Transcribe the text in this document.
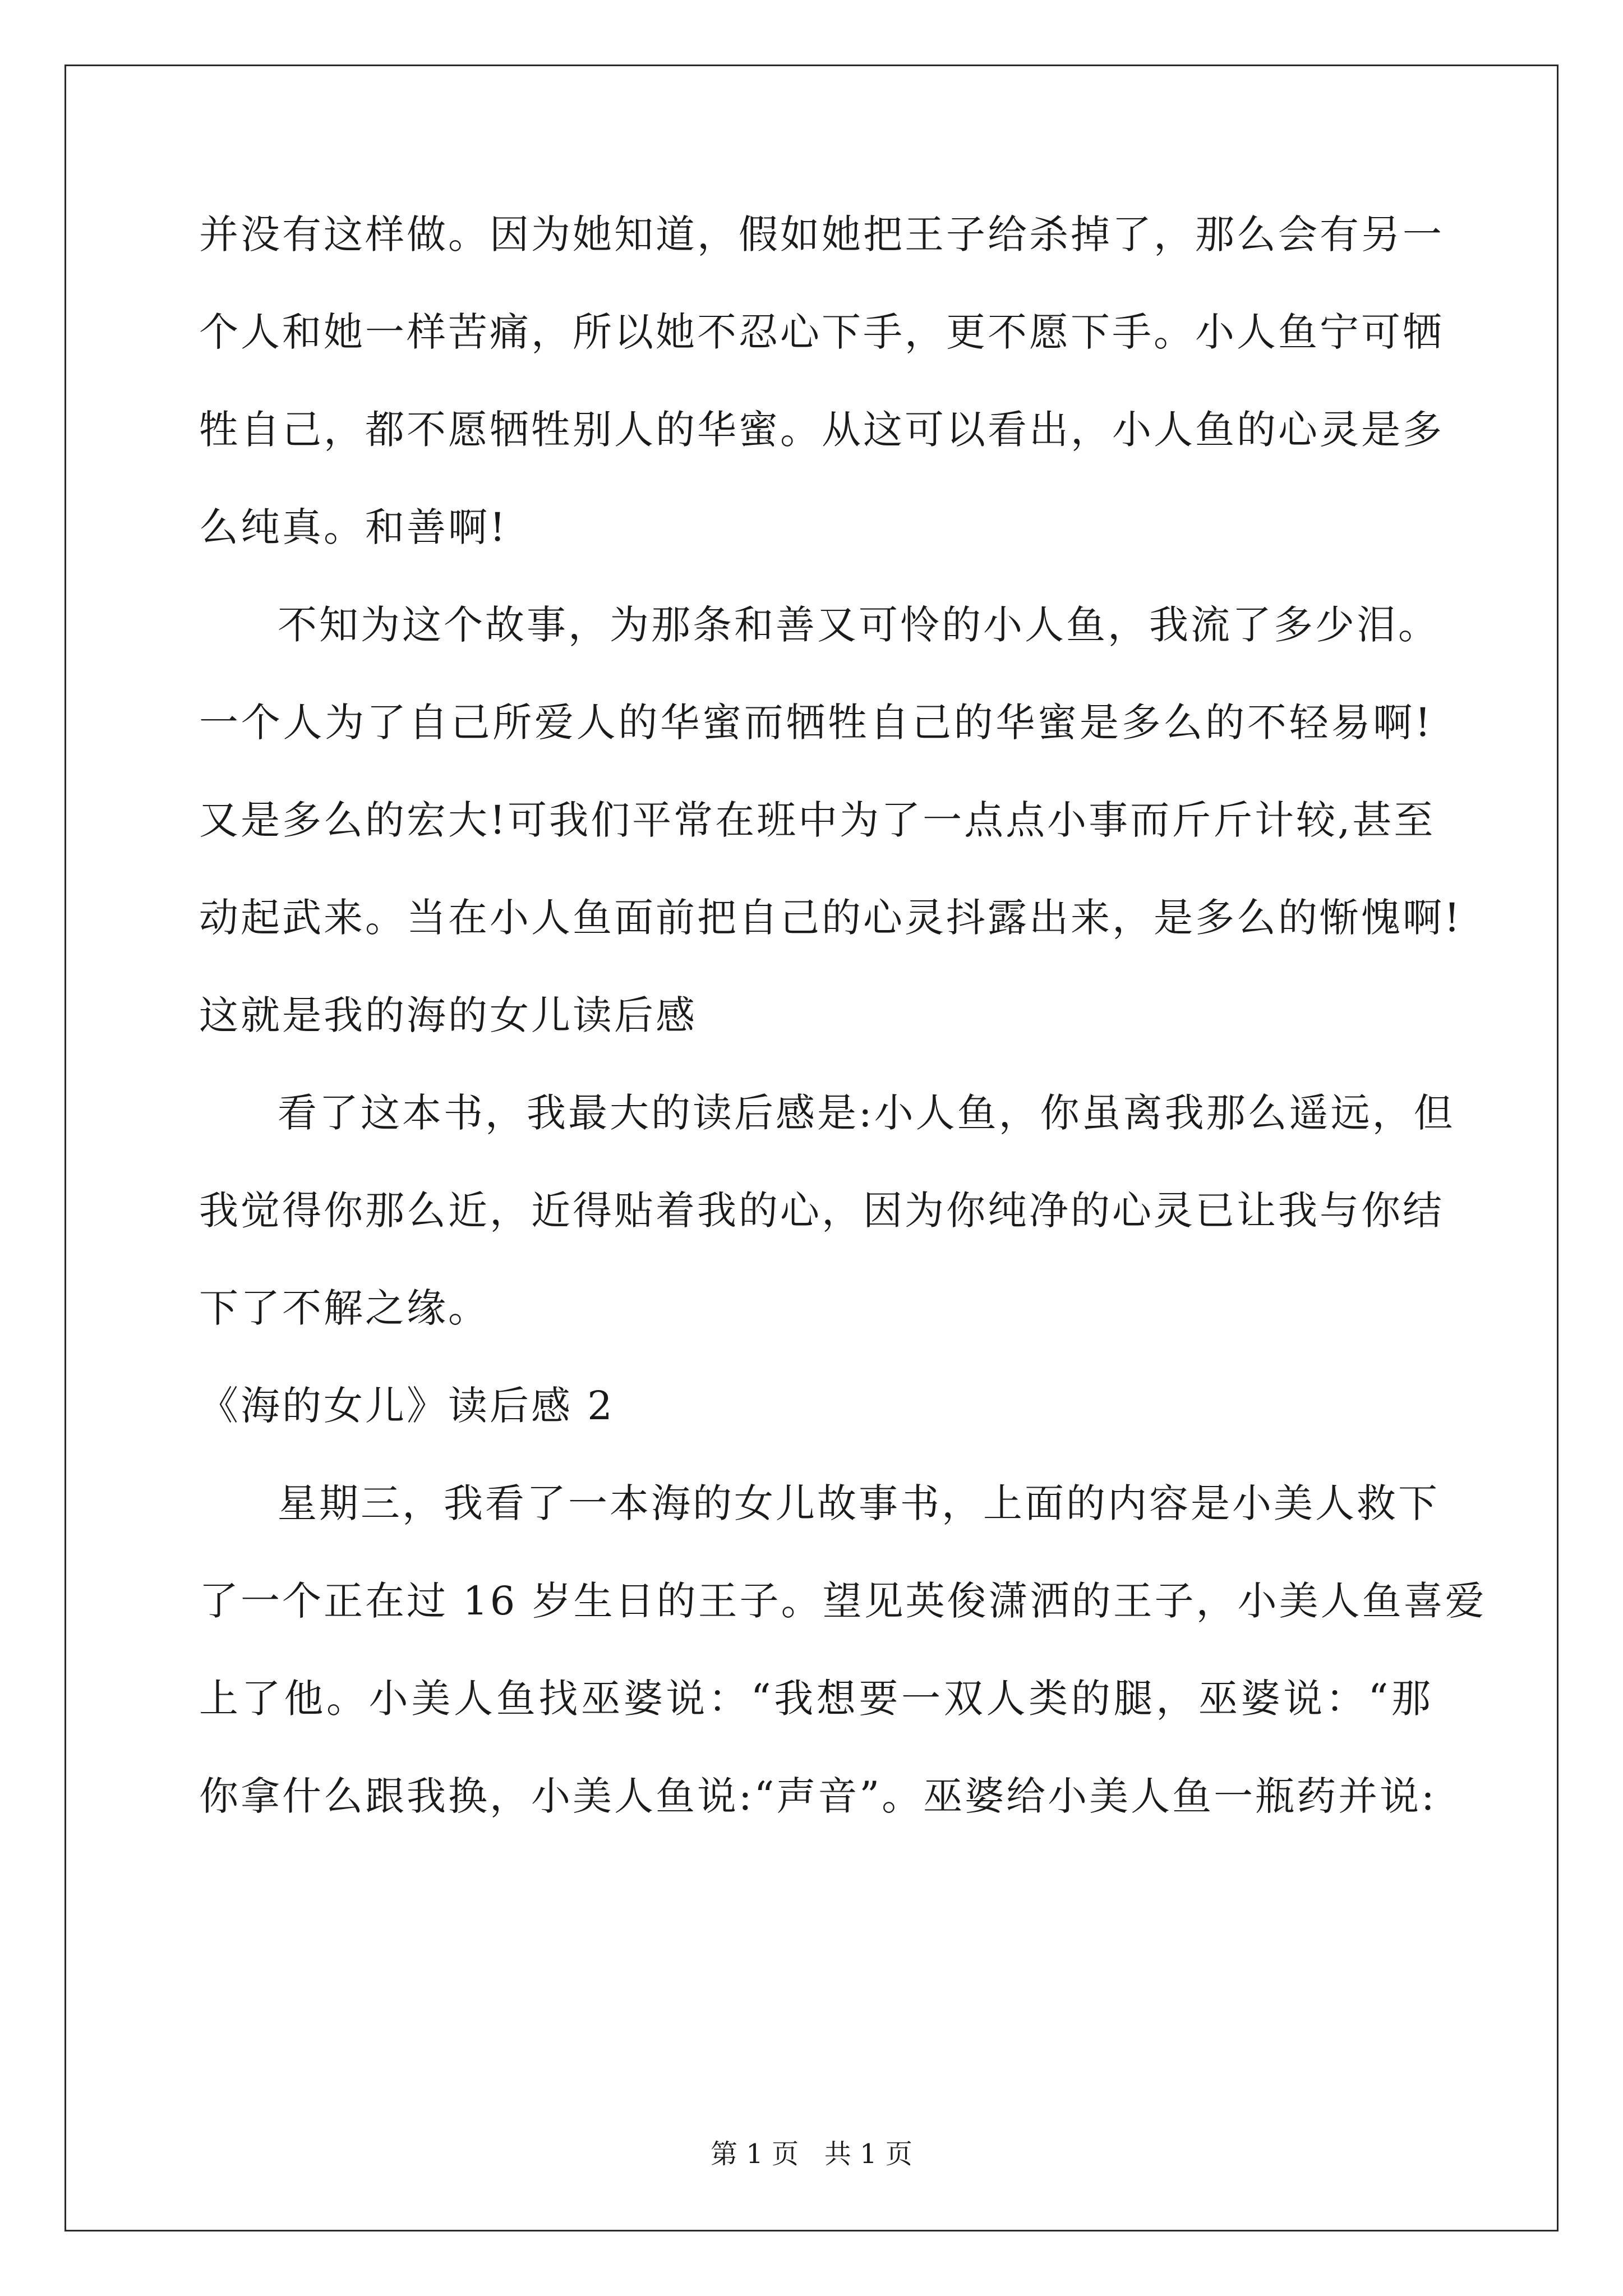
并没有这样做。因为她知道，假如她把王子给杀掉了，那么会有另一
个人和她一样苦痛，所以她不忍心下手，更不愿下手。小人鱼宁可牺
牲自己，都不愿牺牲别人的华蜜。从这可以看出，小人鱼的心灵是多
么纯真。和善啊!
不知为这个故事，为那条和善又可怜的小人鱼，我流了多少泪。
一个人为了自己所爱人的华蜜而牺牲自己的华蜜是多么的不轻易啊!
又是多么的宏大!可我们平常在班中为了一点点小事而斤斤计较,甚至
动起武来。当在小人鱼面前把自己的心灵抖露出来，是多么的惭愧啊!
这就是我的海的女儿读后感
看了这本书，我最大的读后感是:小人鱼，你虽离我那么遥远，但
我觉得你那么近，近得贴着我的心，因为你纯净的心灵已让我与你结
下了不解之缘。
《海的女儿》读后感 2
星期三，我看了一本海的女儿故事书，上面的内容是小美人救下
了一个正在过 16 岁生日的王子。望见英俊潇洒的王子，小美人鱼喜爱
上了他。小美人鱼找巫婆说：“我想要一双人类的腿，巫婆说：“那
你拿什么跟我换，小美人鱼说:“声音”。巫婆给小美人鱼一瓶药并说:
第 1 页   共 1 页
